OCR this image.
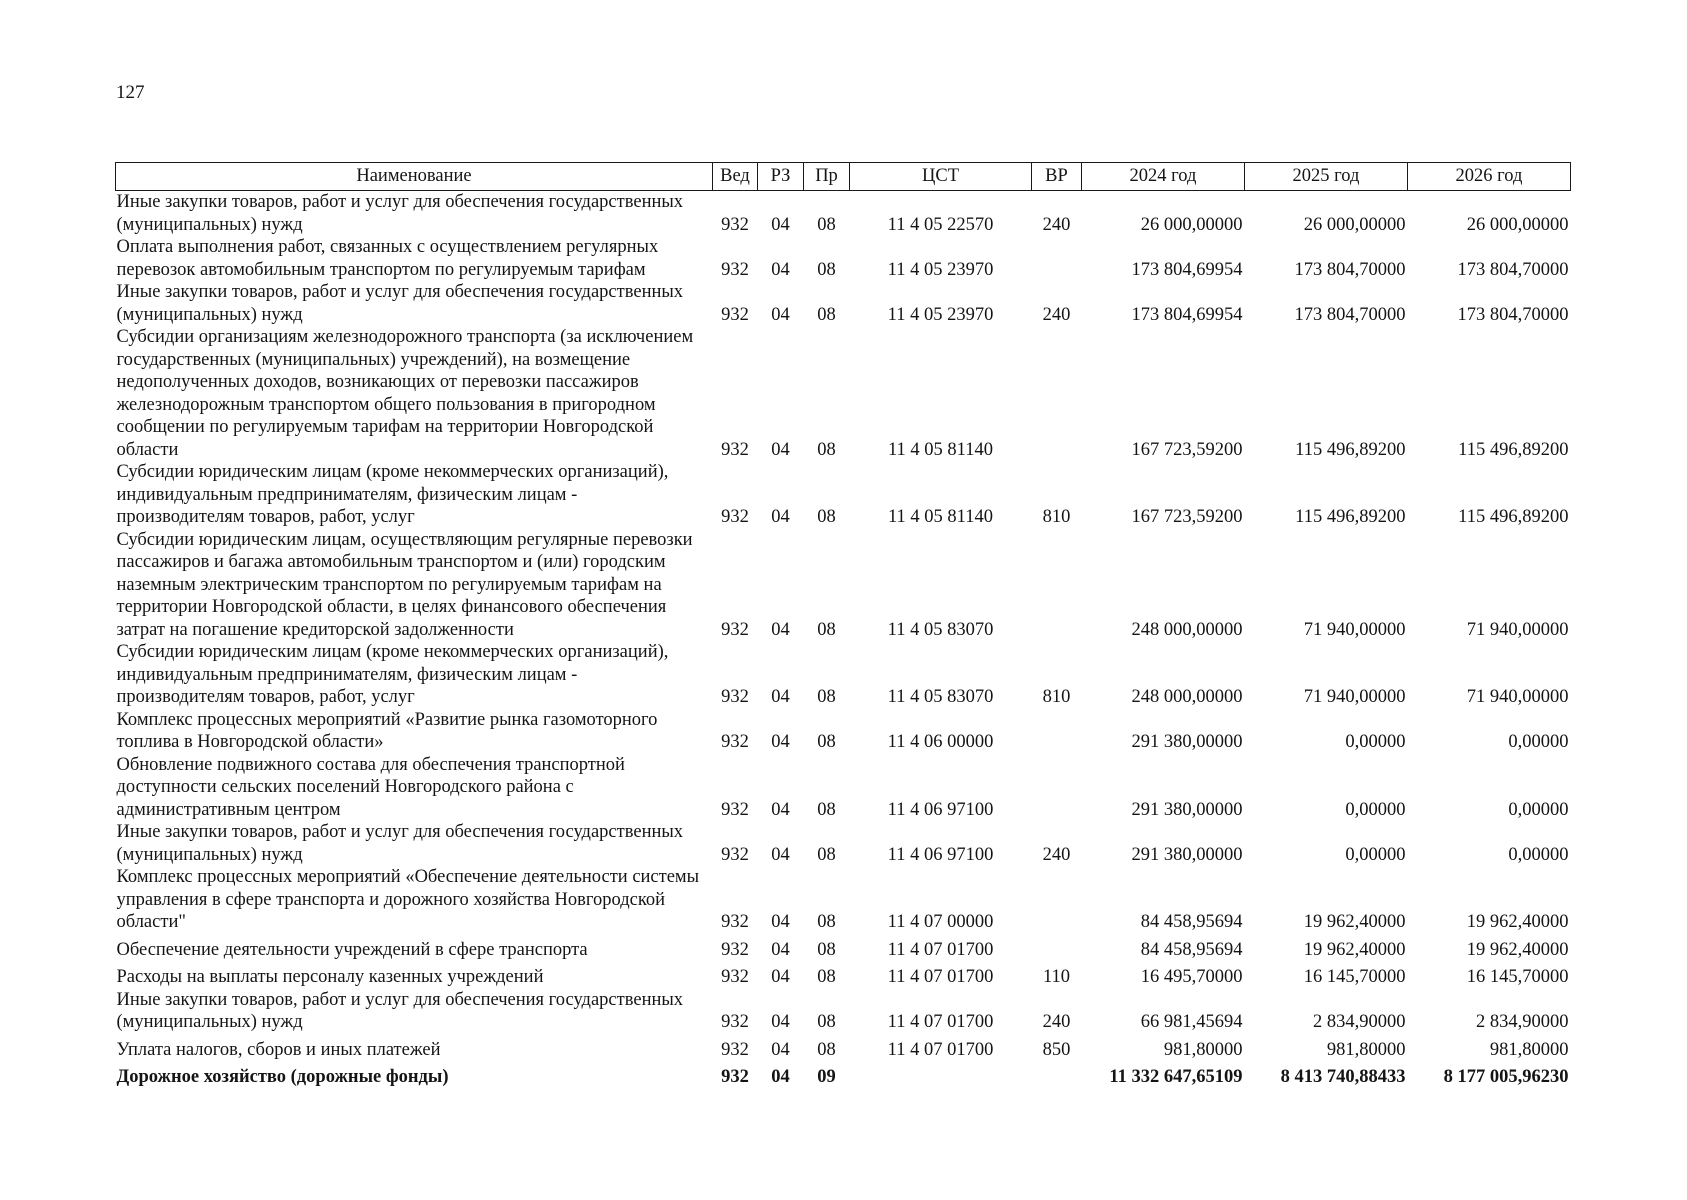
127
Наименование	Вед	РЗ	Пр	ЦСТ	ВР	2024 год	2025 год	2026 год
Иные закупки товаров, работ и услуг для обеспечения государственных (муниципальных) нужд	932	04	08	11 4 05 22570	240	26 000,00000	26 000,00000	26 000,00000
Оплата выполнения работ, связанных с осуществлением регулярных перевозок автомобильным транспортом по регулируемым тарифам	932	04	08	11 4 05 23970		173 804,69954	173 804,70000	173 804,70000
Иные закупки товаров, работ и услуг для обеспечения государственных (муниципальных) нужд	932	04	08	11 4 05 23970	240	173 804,69954	173 804,70000	173 804,70000
Субсидии организациям железнодорожного транспорта (за исключением государственных (муниципальных) учреждений), на возмещение недополученных доходов, возникающих от перевозки пассажиров железнодорожным транспортом общего пользования в пригородном сообщении по регулируемым тарифам на территории Новгородской области	932	04	08	11 4 05 81140		167 723,59200	115 496,89200	115 496,89200
Субсидии юридическим лицам (кроме некоммерческих организаций), индивидуальным предпринимателям, физическим лицам - производителям товаров, работ, услуг	932	04	08	11 4 05 81140	810	167 723,59200	115 496,89200	115 496,89200
Субсидии юридическим лицам, осуществляющим регулярные перевозки пассажиров и багажа автомобильным транспортом и (или) городским наземным электрическим транспортом по регулируемым тарифам на территории Новгородской области, в целях финансового обеспечения затрат на погашение кредиторской задолженности	932	04	08	11 4 05 83070		248 000,00000	71 940,00000	71 940,00000
Субсидии юридическим лицам (кроме некоммерческих организаций), индивидуальным предпринимателям, физическим лицам - производителям товаров, работ, услуг	932	04	08	11 4 05 83070	810	248 000,00000	71 940,00000	71 940,00000
Комплекс процессных мероприятий «Развитие рынка газомоторного топлива в Новгородской области»	932	04	08	11 4 06 00000		291 380,00000	0,00000	0,00000
Обновление подвижного состава для обеспечения транспортной доступности сельских поселений Новгородского района с административным центром	932	04	08	11 4 06 97100		291 380,00000	0,00000	0,00000
Иные закупки товаров, работ и услуг для обеспечения государственных (муниципальных) нужд	932	04	08	11 4 06 97100	240	291 380,00000	0,00000	0,00000
Комплекс процессных мероприятий «Обеспечение деятельности системы управления в сфере транспорта и дорожного хозяйства Новгородской области"	932	04	08	11 4 07 00000		84 458,95694	19 962,40000	19 962,40000
Обеспечение деятельности учреждений в сфере транспорта	932	04	08	11 4 07 01700		84 458,95694	19 962,40000	19 962,40000
Расходы на выплаты персоналу казенных учреждений	932	04	08	11 4 07 01700	110	16 495,70000	16 145,70000	16 145,70000
Иные закупки товаров, работ и услуг для обеспечения государственных (муниципальных) нужд	932	04	08	11 4 07 01700	240	66 981,45694	2 834,90000	2 834,90000
Уплата налогов, сборов и иных платежей	932	04	08	11 4 07 01700	850	981,80000	981,80000	981,80000
Дорожное хозяйство (дорожные фонды)	932	04	09			11 332 647,65109	8 413 740,88433	8 177 005,96230
